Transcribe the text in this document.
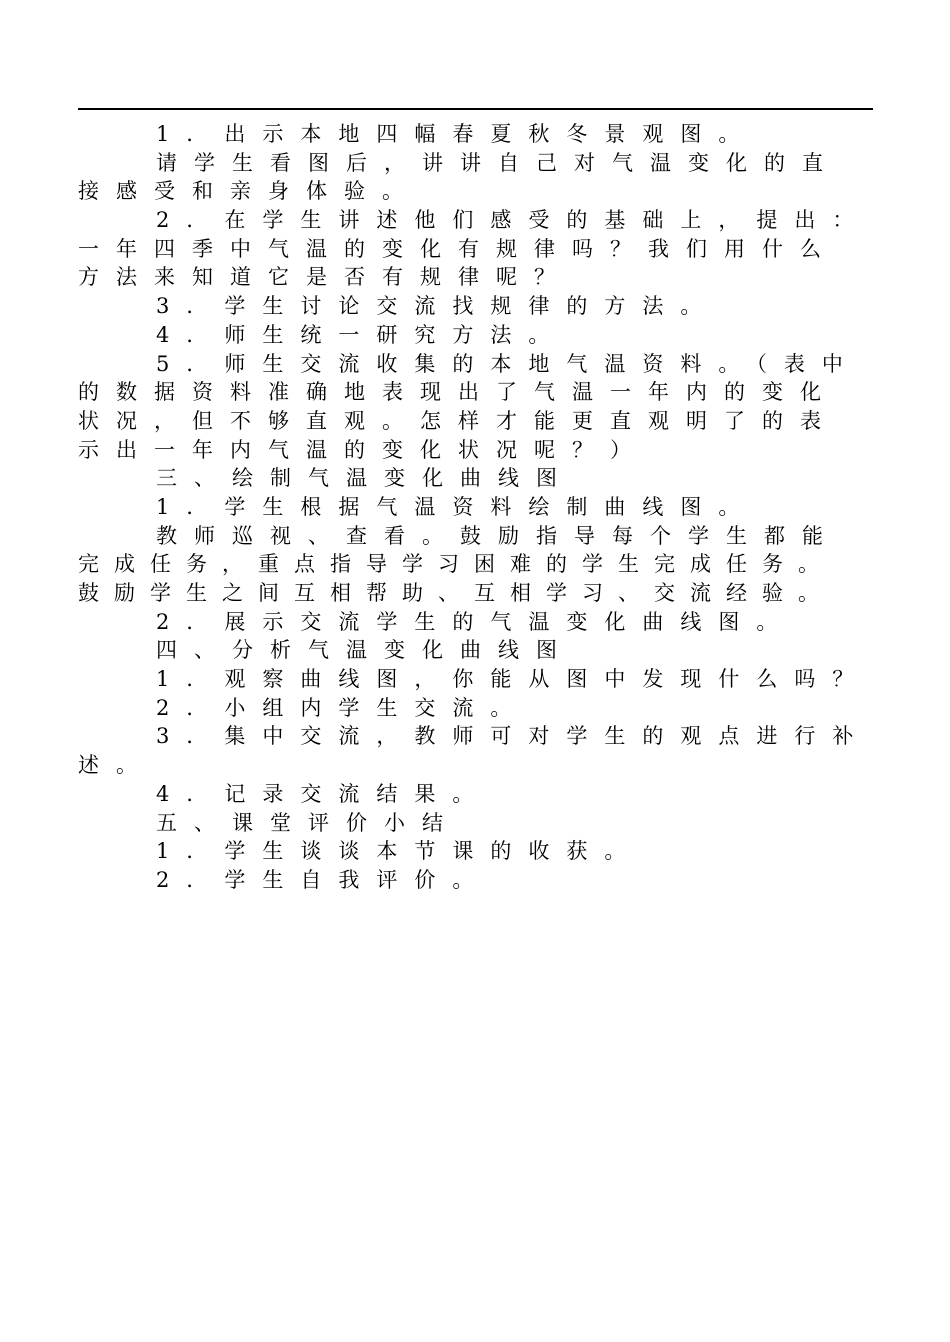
1．出示本地四幅春夏秋冬景观图。
请学生看图后，讲讲自己对气温变化的直
接感受和亲身体验。
2．在学生讲述他们感受的基础上，提出：
一年四季中气温的变化有规律吗？我们用什么
方法来知道它是否有规律呢？
3．学生讨论交流找规律的方法。
4．师生统一研究方法。
5．师生交流收集的本地气温资料。（表中
的数据资料准确地表现出了气温一年内的变化
状况，但不够直观。怎样才能更直观明了的表
示出一年内气温的变化状况呢？）
三、绘制气温变化曲线图
1．学生根据气温资料绘制曲线图。
教师巡视、查看。鼓励指导每个学生都能
完成任务，重点指导学习困难的学生完成任务。
鼓励学生之间互相帮助、互相学习、交流经验。
2．展示交流学生的气温变化曲线图。
四、分析气温变化曲线图
1．观察曲线图，你能从图中发现什么吗？
2．小组内学生交流。
3．集中交流，教师可对学生的观点进行补
述。
4．记录交流结果。
五、课堂评价小结
1．学生谈谈本节课的收获。
2．学生自我评价。
